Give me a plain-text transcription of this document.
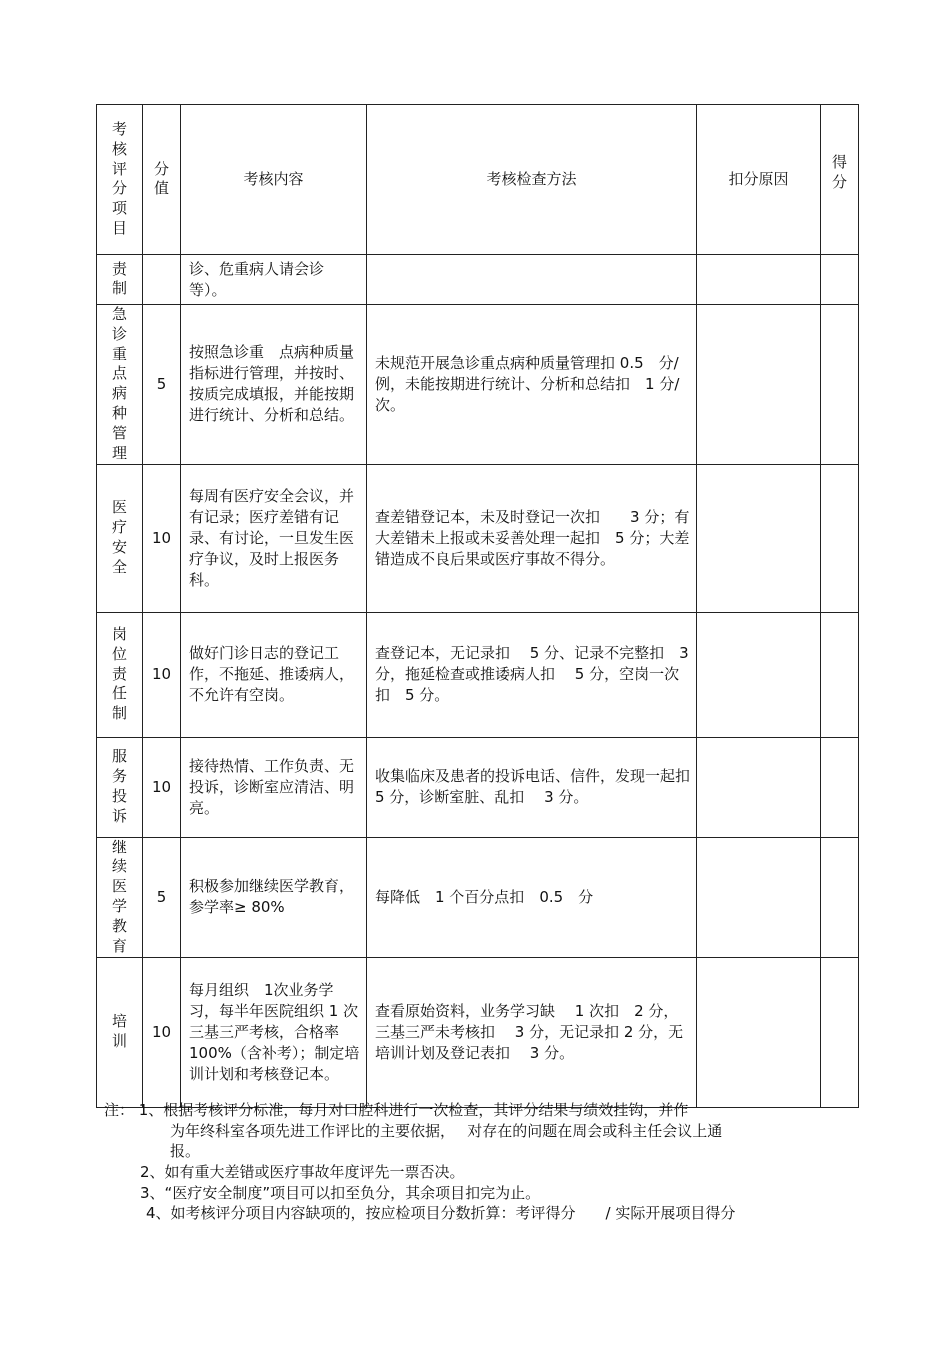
考核评分项目	分值	考核内容	考核检查方法	扣分原因	得分
责制		诊、危重病人请会诊等）。			
急诊重点病种管理	5	按照急诊重　点病种质量指标进行管理，并按时、按质完成填报，并能按期进行统计、分析和总结。	未规范开展急诊重点病种质量管理扣 0.5　分/ 例，未能按期进行统计、分析和总结扣　1 分/ 次。		
医疗安全	10	每周有医疗安全会议，并有记录；医疗差错有记录、有讨论，一旦发生医疗争议，及时上报医务科。	查差错登记本，未及时登记一次扣　　3 分；有大差错未上报或未妥善处理一起扣　5 分；大差错造成不良后果或医疗事故不得分。		
岗位责任制	10	做好门诊日志的登记工作，不拖延、推诿病人，不允许有空岗。	查登记本，无记录扣　 5 分、记录不完整扣　3 分，拖延检查或推诿病人扣　 5 分，空岗一次扣　5 分。		
服务投诉	10	接待热情、工作负责、无投诉，诊断室应清洁、明亮。	收集临床及患者的投诉电话、信件，发现一起扣　5 分，诊断室脏、乱扣　 3 分。		
继续医学教育	5	积极参加继续医学教育，参学率≥ 80%	每降低　1 个百分点扣　0.5　分		
培训	10	每月组织　1次业务学习，每半年医院组织 1 次三基三严考核，合格率　100%（含补考）；制定培训计划和考核登记本。	查看原始资料，业务学习缺　 1 次扣　2 分，三基三严未考核扣　 3 分，无记录扣 2 分，无培训计划及登记表扣　 3 分。		
注： 1、根据考核评分标准，每月对口腔科进行一次检查，其评分结果与绩效挂钩，并作
为年终科室各项先进工作评比的主要依据，　 对存在的问题在周会或科主任会议上通
报。
2、如有重大差错或医疗事故年度评先一票否决。
3、“医疗安全制度”项目可以扣至负分，其余项目扣完为止。
4、如考核评分项目内容缺项的，按应检项目分数折算：考评得分　　/ 实际开展项目得分
